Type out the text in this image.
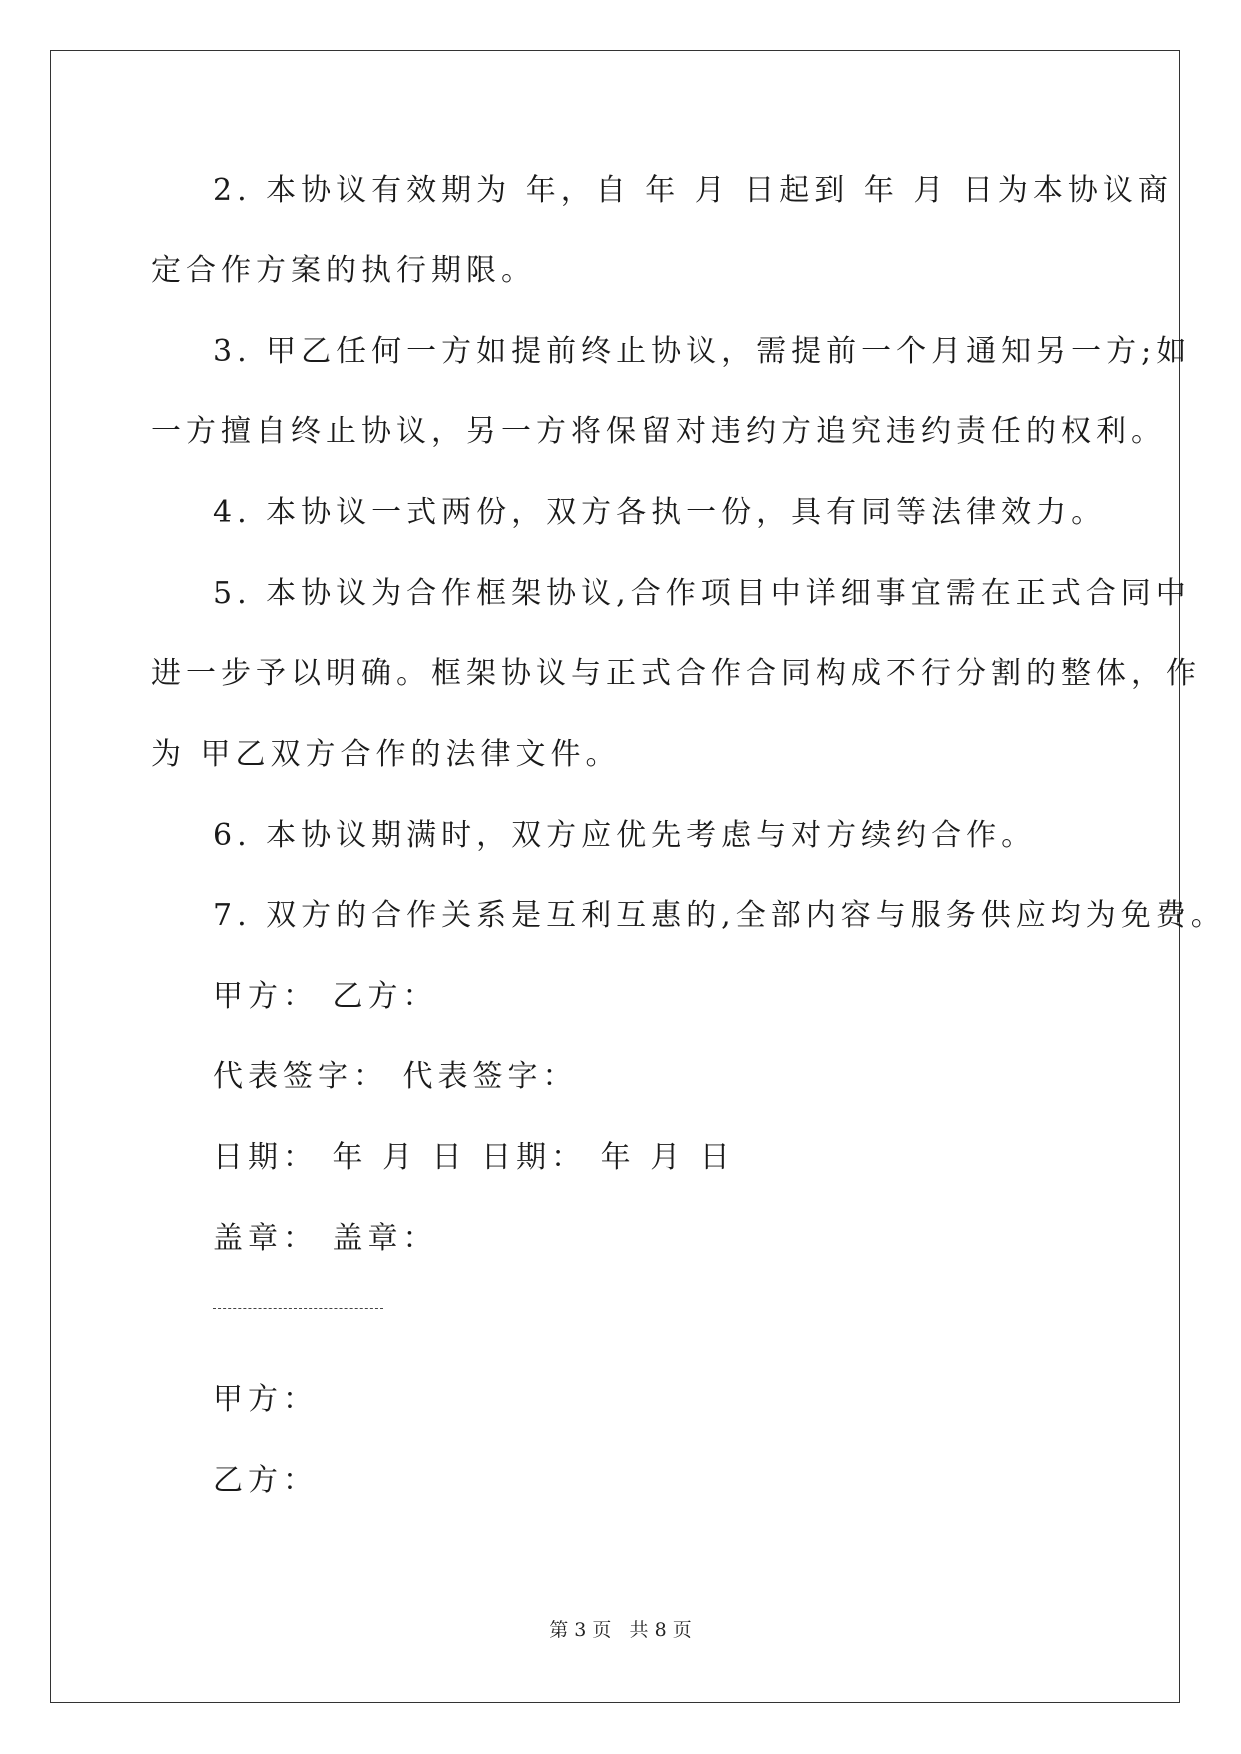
2. 本协议有效期为 年，自 年 月 日起到 年 月 日为本协议商
定合作方案的执行期限。
3. 甲乙任何一方如提前终止协议，需提前一个月通知另一方;如
一方擅自终止协议，另一方将保留对违约方追究违约责任的权利。
4. 本协议一式两份，双方各执一份，具有同等法律效力。
5. 本协议为合作框架协议,合作项目中详细事宜需在正式合同中
进一步予以明确。框架协议与正式合作合同构成不行分割的整体，作
为 甲乙双方合作的法律文件。
6. 本协议期满时，双方应优先考虑与对方续约合作。
7. 双方的合作关系是互利互惠的,全部内容与服务供应均为免费。
甲方： 乙方：
代表签字： 代表签字：
日期： 年 月 日 日期： 年 月 日
盖章： 盖章：
甲方：
乙方：
第 3 页   共 8 页
